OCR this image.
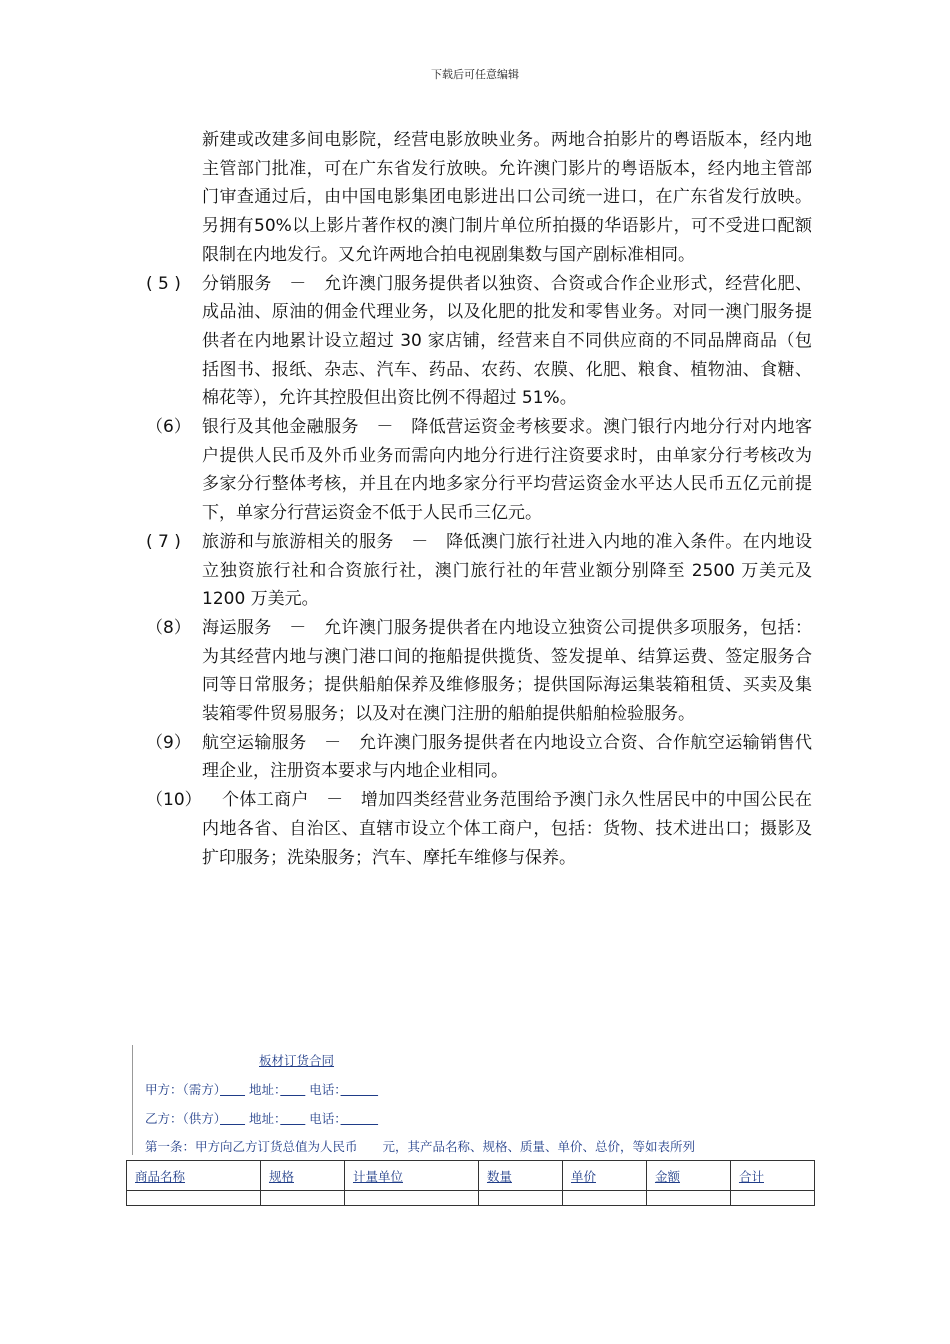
下载后可任意编辑
新建或改建多间电影院，经营电影放映业务。两地合拍影片的粤语版本，经内地主管部门批准，可在广东省发行放映。允许澳门影片的粤语版本，经内地主管部门审查通过后，由中国电影集团电影进出口公司统一进口，在广东省发行放映。另拥有50%以上影片著作权的澳门制片单位所拍摄的华语影片，可不受进口配额限制在内地发行。又允许两地合拍电视剧集数与国产剧标准相同。
( 5 ) 分销服务　－　允许澳门服务提供者以独资、合资或合作企业形式，经营化肥、成品油、原油的佣金代理业务，以及化肥的批发和零售业务。对同一澳门服务提供者在内地累计设立超过 30 家店铺，经营来自不同供应商的不同品牌商品（包括图书、报纸、杂志、汽车、药品、农药、农膜、化肥、粮食、植物油、食糖、棉花等），允许其控股但出资比例不得超过 51%。
（6） 银行及其他金融服务　－　降低营运资金考核要求。澳门银行内地分行对内地客户提供人民币及外币业务而需向内地分行进行注资要求时，由单家分行考核改为多家分行整体考核，并且在内地多家分行平均营运资金水平达人民币五亿元前提下，单家分行营运资金不低于人民币三亿元。
( 7 ) 旅游和与旅游相关的服务　－　降低澳门旅行社进入内地的准入条件。在内地设立独资旅行社和合资旅行社，澳门旅行社的年营业额分别降至 2500 万美元及 1200 万美元。
（8） 海运服务　－　允许澳门服务提供者在内地设立独资公司提供多项服务，包括：为其经营内地与澳门港口间的拖船提供揽货、签发提单、结算运费、签定服务合同等日常服务；提供船舶保养及维修服务；提供国际海运集装箱租赁、买卖及集装箱零件贸易服务；以及对在澳门注册的船舶提供船舶检验服务。
（9） 航空运输服务　－　允许澳门服务提供者在内地设立合资、合作航空运输销售代理企业，注册资本要求与内地企业相同。
（10）	个体工商户　－　增加四类经营业务范围给予澳门永久性居民中的中国公民在内地各省、自治区、直辖市设立个体工商户，包括：货物、技术进出口；摄影及扩印服务；洗染服务；汽车、摩托车维修与保养。
板材订货合同
甲方：（需方）　　 地址：　　 电话：　　　
乙方：（供方）　　 地址：　　 电话：　　　
第一条：甲方向乙方订货总值为人民币　　元，其产品名称、规格、质量、单价、总价，等如表所列
商品名称	规格	计量单位	数量	单价	金额	合计
